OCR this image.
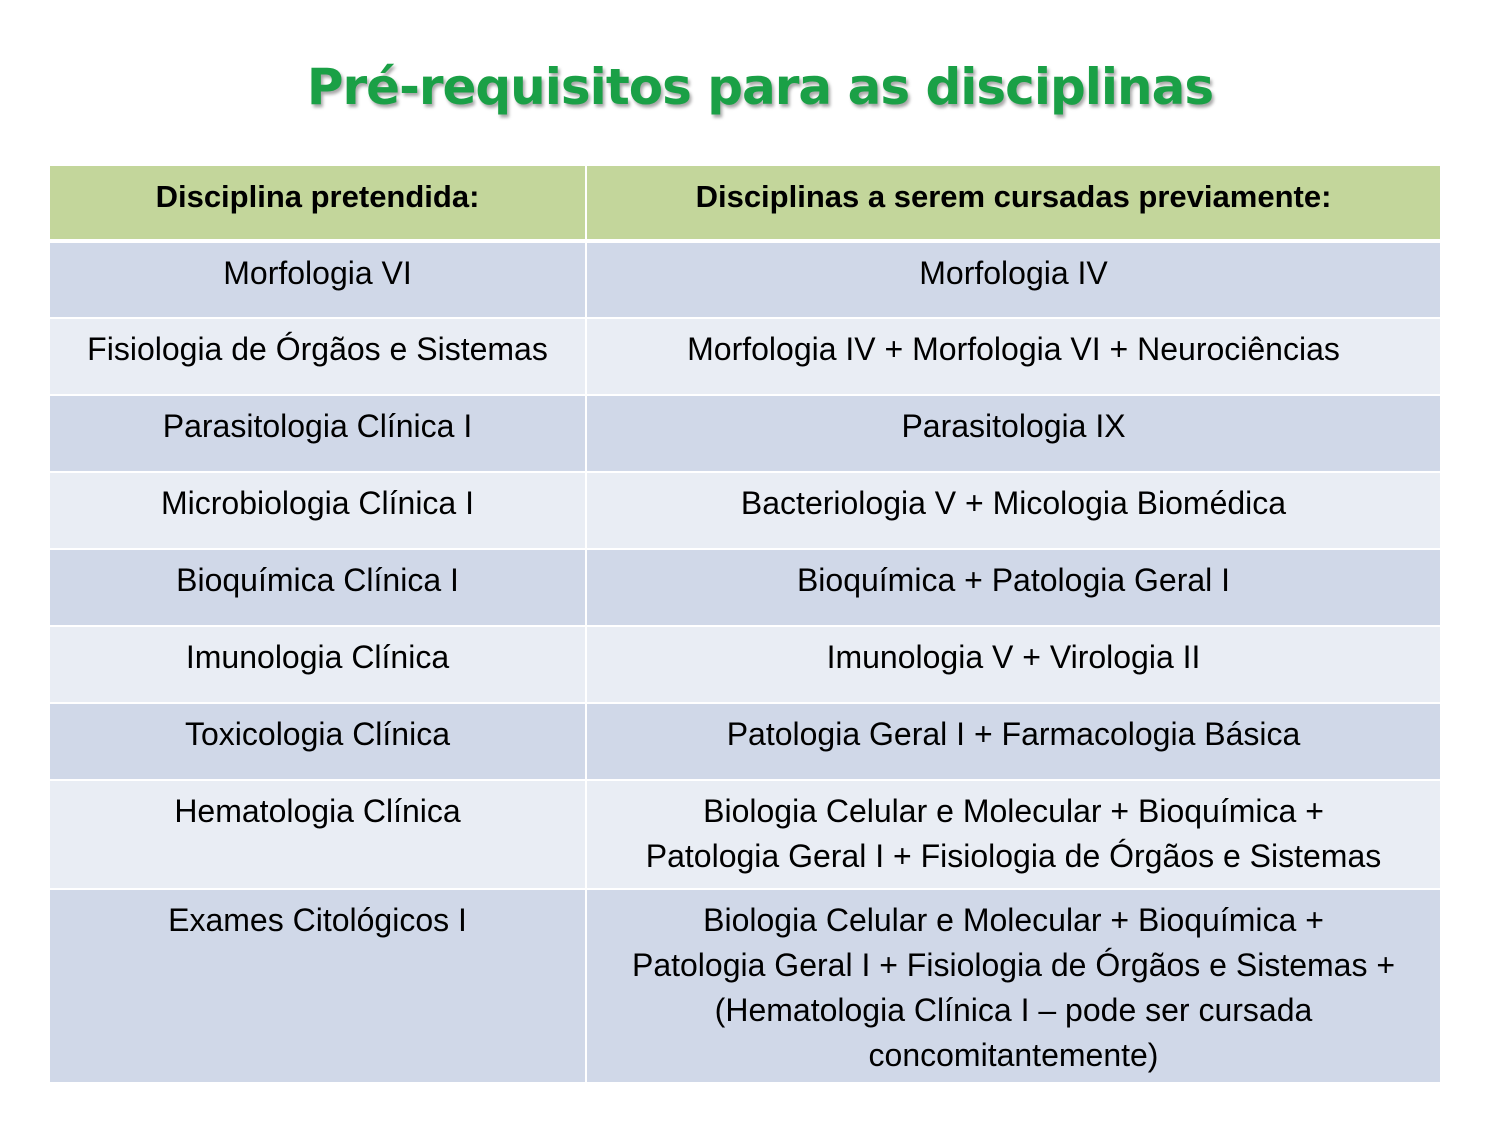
Pré-requisitos para as disciplinas
Disciplina pretendida:	Disciplinas a serem cursadas previamente:
Morfologia VI	Morfologia IV

Fisiologia de Órgãos e Sistemas	Morfologia IV + Morfologia VI + Neurociências

Parasitologia Clínica I	Parasitologia IX

Microbiologia Clínica I	Bacteriologia V + Micologia Biomédica

Bioquímica Clínica I	Bioquímica + Patologia Geral I

Imunologia Clínica	Imunologia V + Virologia II

Toxicologia Clínica	Patologia Geral I + Farmacologia Básica

Hematologia Clínica	Biologia Celular e Molecular + Bioquímica +
Patologia Geral I + Fisiologia de Órgãos e Sistemas

Exames Citológicos I	Biologia Celular e Molecular + Bioquímica +
Patologia Geral I + Fisiologia de Órgãos e Sistemas +
(Hematologia Clínica I – pode ser cursada
concomitantemente)
